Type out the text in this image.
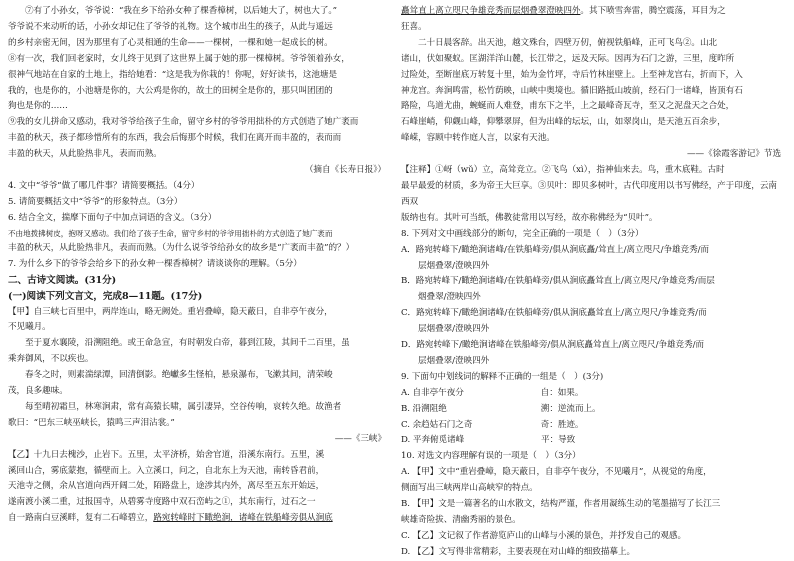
⑦有了小孙女，爷爷说：“我在乡下给孙女种了棵香樟树，以后她大了，树也大了。”

爷爷说不来动听的话，小孙女却记住了爷爷的礼物。这个城市出生的孩子，从此与遥远

的乡村亲密无间，因为那里有了心灵相通的生命——一棵树，一棵和她一起成长的树。

⑧有一次，我们回老家时，女儿终于见到了这世界上属于她的那一棵樟树。爷爷领着孙女，

很神气地站在自家的土地上，指给她看：“这是我为你栽的！你呢，好好读书，这池塘是

我的，也是你的，小池塘是你的，大公鸡是你的，故土的田树全是你的，那只叫团团的

狗也是你的……

⑨我的女儿拼命又感动，我对爷爷给孩子生命，留守乡村的爷爷用拙朴的方式创造了她广袤而

丰盈的秋天，孩子都珍惜所有的东西，我会后悔那个时候，我们在离开而丰盈的，表而而

丰盈的秋天，从此脸热非凡，表而而熟。

（摘自《长寿日报》）

4. 文中“爷爷”做了哪几件事？请简要概括。（4分）

5. 请简要概括文中“爷爷”的形象特点。（3分）

6. 结合全文，揣摩下面句子中加点词语的含义。（3分）

不由地拨拂树皮，抱呀又感动。我们给了孩子生命，留守乡村的爷爷用拙朴的方式创造了她广袤而

丰盈的秋天，从此脸热非凡，表而而熟。（为什么说爷爷给孙女的故乡是“广袤而丰盈”的？）

7. 为什么乡下的爷爷会给乡下的孙女种一棵香樟树？请谈谈你的理解。（5分）

二、古诗文阅读。(31分)

(一)阅读下列文言文，完成8—11题。(17分)

【甲】自三峡七百里中，两岸连山，略无阙处。重岩叠嶂，隐天蔽日，自非亭午夜分，

不见曦月。

至于夏水襄陵，沿溯阻绝。或王命急宣，有时朝发白帝，暮到江陵，其间千二百里，虽

乘奔御风，不以疾也。

春冬之时，则素湍绿潭，回清倒影。绝巘多生怪柏，悬泉瀑布，飞漱其间，清荣峻

茂，良多趣味。

每至晴初霜旦，林寒涧肃，常有高猿长啸，属引凄异，空谷传响，哀转久绝。故渔者

歌曰：“巴东三峡巫峡长，猿鸣三声泪沾裳。”

——《三峡》

【乙】十九日去槐沙，止岩下。五里，太平济桥，始舍官道，沿溪东南行。五里，溪

溪回山合，雾底蒙抱，循壁而上。入立溪口，问之，自北东上为天池，南转昏君前，

天池寺之侧，余从宫道向西开阔二处，陌路盘上，途涉其内外，离尽至五东开始远，

遂南渡小溪二重，过报国寺，从碧雾寺度路中双石峦屿之①，其东南行，过石之一

自一路南白豆溪畔，复有二石峰碧立，路宛转峰时下瞰绝涧，诸峰在铁船峰旁俱从涧底

矗耸直上离立咫尺争雄竞秀而层烟叠翠澄映四外。其下喷雪奔雷，腾空震荡，耳目为之

狂喜。

二十日晨客辞。出天池，越文殊台，四壁万仞，俯视铁船峰，正可飞鸟②。山北

诸山，伏如聚蚁。匡湖洋洋山麓，长江带之，远及天际。因再为石门之游，三里，度昨所

过险处，至断崖底万转复十里，始为金竹坪，寺后竹林崖壁上。上至神龙宫右，折而下，入

神龙宫。奔涧鸣雷，松竹荫映，山峡中奥境也。循旧路抵山坡前，经石门一诸峰，皆顶有石

路险，鸟道尤曲，蜿蜒而人难登，甫东下之半，上之最峰奇瓦寺，至又之泥盘天之合处，

石峰崖峭，仰觑山峰，仰攀翠屏，但为出峰的坛坛，山，如翠岗山，是天池五百余步，

峰嵘，容顾中转作庭人言，以家有天池。

——《徐霞客游记》节选

【注释】①岈（wǔ）立，高耸竞立。②飞鸟（xì），指神仙来去。鸟，重木底鞋。古时

最早最爱的材质，多为帝王大巨享。③贝叶：即贝多树叶，古代印度用以书写佛经，产于印度，云南西双

版纳也有。其叶可当纸，佛教徒常用以写经，故亦称佛经为“贝叶”。

8. 下列对文中画线部分的断句，完全正确的一项是（　）（3分）

A．路宛转峰下/瞰绝涧诸峰/在铁船峰旁/俱从涧底矗/耸直上/离立咫尺/争雄竞秀/而

层烟叠翠/澄映四外

B．路宛转峰下/瞰绝涧诸峰/在铁船峰旁/俱从涧底矗耸直上/离立咫尺/争雄竞秀/而层

烟叠翠/澄映四外

C．路宛转峰下/瞰绝涧诸峰/在铁船峰旁/俱从涧底矗耸直上/离立咫尺/争雄竞秀/而

层烟叠翠/澄映四外

D．路宛转峰下/瞰绝涧诸峰在铁船峰旁/俱从涧底矗耸直上/离立咫尺/争雄竞秀/而

层烟叠翠/澄映四外

9. 下面句中划线词的解释不正确的一组是（　）(3分)

A. 自非亭午夜分　　　　　　　　　自：如果。

B. 沿溯阻绝　　　　　　　　　　　溯：逆流而上。

C. 余趋姑石门之奇　　　　　　　　奇：胜迹。

D. 平奔俯觅诸峰　　　　　　　　　平：导致

10. 对选文内容理解有误的一项是（　）（3分）

A. 【甲】文中“重岩叠嶂，隐天蔽日，自非亭午夜分，不见曦月”，从视觉的角度，

侧面写出三峡两岸山高峡窄的特点。

B. 【甲】文是一篇著名的山水散文，结构严谨，作者用凝练生动的笔墨描写了长江三

峡雄奇险拔、清幽秀丽的景色。

C. 【乙】文记叙了作者游览庐山的山峰与小溪的景色，并抒发自己的观感。

D. 【乙】文写得非常精彩，主要表现在对山峰的细致描摹上。
